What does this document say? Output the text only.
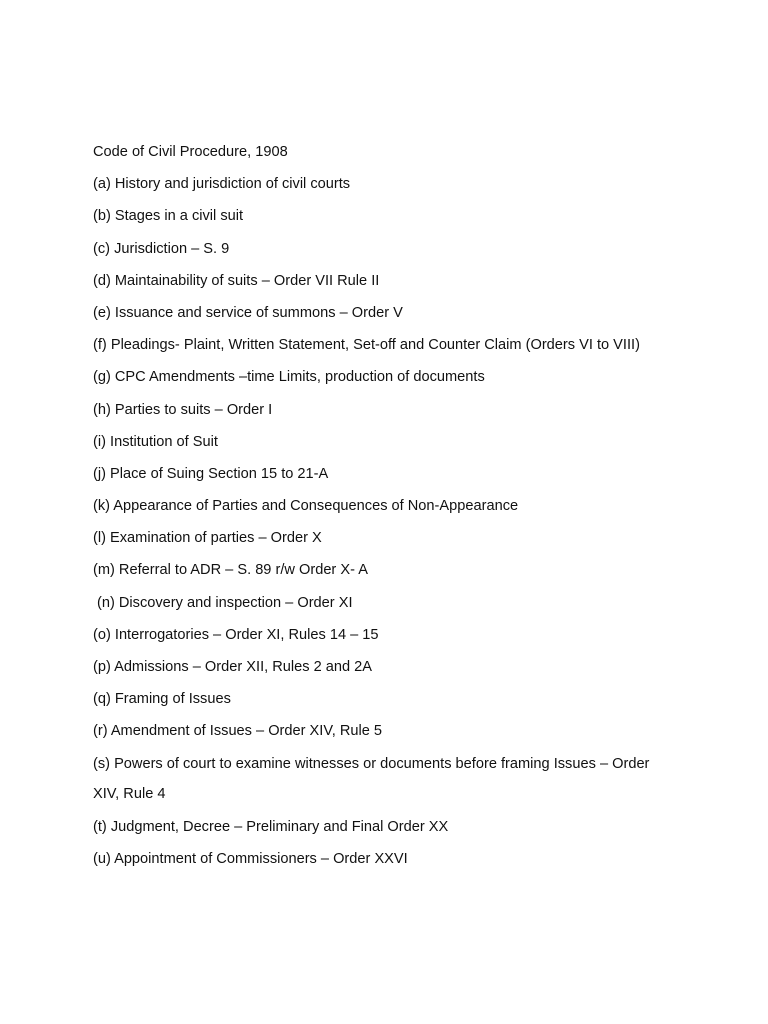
Code of Civil Procedure, 1908
(a) History and jurisdiction of civil courts
(b) Stages in a civil suit
(c) Jurisdiction – S. 9
(d) Maintainability of suits – Order VII Rule II
(e) Issuance and service of summons – Order V
(f) Pleadings- Plaint, Written Statement, Set-off and Counter Claim (Orders VI to VIII)
(g) CPC Amendments –time Limits, production of documents
(h) Parties to suits – Order I
(i) Institution of Suit
(j) Place of Suing Section 15 to 21-A
(k) Appearance of Parties and Consequences of Non-Appearance
(l) Examination of parties – Order X
(m) Referral to ADR – S. 89 r/w Order X- A
(n) Discovery and inspection – Order XI
(o) Interrogatories – Order XI, Rules 14 – 15
(p) Admissions – Order XII, Rules 2 and 2A
(q) Framing of Issues
(r) Amendment of Issues – Order XIV, Rule 5
(s) Powers of court to examine witnesses or documents before framing Issues – Order
XIV, Rule 4
(t) Judgment, Decree – Preliminary and Final Order XX
(u) Appointment of Commissioners – Order XXVI
